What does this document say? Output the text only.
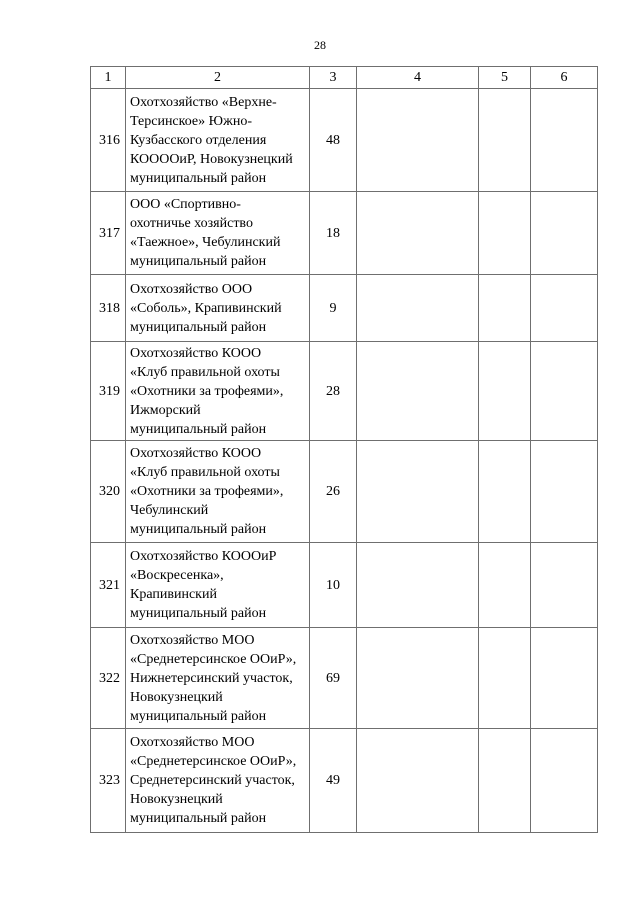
28
1	2	3	4	5	6
316	Охотхозяйство «Верхне-
Терсинское» Южно-
Кузбасского отделения
КОООOиР, Новокузнецкий
муниципальный район	48			
317	ООО «Спортивно-
охотничье хозяйство
«Таежное», Чебулинский
муниципальный район	18			
318	Охотхозяйство ООО
«Соболь», Крапивинский
муниципальный район	9			
319	Охотхозяйство КООО
«Клуб правильной охоты
«Охотники за трофеями»,
Ижморский
муниципальный район	28			
320	Охотхозяйство КООО
«Клуб правильной охоты
«Охотники за трофеями»,
Чебулинский
муниципальный район	26			
321	Охотхозяйство КОООиР
«Воскресенка»,
Крапивинский
муниципальный район	10			
322	Охотхозяйство МОО
«Среднетерсинское ООиР»,
Нижнетерсинский участок,
Новокузнецкий
муниципальный район	69			
323	Охотхозяйство МОО
«Среднетерсинское ООиР»,
Среднетерсинский участок,
Новокузнецкий
муниципальный район	49			
